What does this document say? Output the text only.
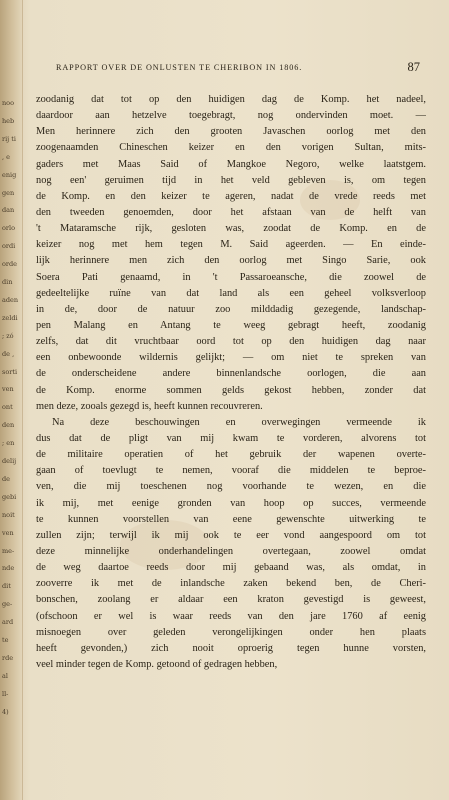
noo
heb
rij ti
, e
enig
gen
dan
orlo
ordi
orde
din
aden
zeldi
; zó
de ,
sorti
ven
ont
den
; en
delij
de
gebi
noit
ven
me-
nde
dit
ge-
ard
te
rde
al
ll-
4)
RAPPORT OVER DE ONLUSTEN TE CHERIBON IN 1806.	87
zoodanig dat tot op den huidigen dag de Komp. het nadeel,
daardoor aan hetzelve toegebragt, nog ondervinden moet. —
Men herinnere zich den grooten Javaschen oorlog met den
zoogenaamden Chineschen keizer en den vorigen Sultan, mits-
gaders met Maas Said of Mangkoe Negoro, welke laatstgem.
nog een' geruimen tijd in het veld gebleven is, om tegen
de Komp. en den keizer te ageren, nadat de vrede reeds met
den tweeden genoemden, door het afstaan van de helft van
't Mataramsche rijk, gesloten was, zoodat de Komp. en de
keizer nog met hem tegen M. Said ageerden. — En einde-
lijk herinnere men zich den oorlog met Singo Sarie, ook
Soera Pati genaamd, in 't Passaroeansche, die zoowel de
gedeeltelijke ruïne van dat land als een geheel volksverloop
in de, door de natuur zoo milddadig gezegende, landschap-
pen Malang en Antang te weeg gebragt heeft, zoodanig
zelfs, dat dit vruchtbaar oord tot op den huidigen dag naar
een onbewoonde wildernis gelijkt; — om niet te spreken van
de onderscheidene andere binnenlandsche oorlogen, die aan
de Komp. enorme sommen gelds gekost hebben, zonder dat
men deze, zooals gezegd is, heeft kunnen recouvreren.
Na deze beschouwingen en overwegingen vermeende ik
dus dat de pligt van mij kwam te vorderen, alvorens tot
de militaire operatien of het gebruik der wapenen overte-
gaan of toevlugt te nemen, vooraf die middelen te beproe-
ven, die mij toeschenen nog voorhande te wezen, en die
ik mij, met eenige gronden van hoop op succes, vermeende
te kunnen voorstellen van eene gewenschte uitwerking te
zullen zijn; terwijl ik mij ook te eer vond aangespoord om tot
deze minnelijke onderhandelingen overtegaan, zoowel omdat
de weg daartoe reeds door mij gebaand was, als omdat, in
zooverre ik met de inlandsche zaken bekend ben, de Cheri-
bonschen, zoolang er aldaar een kraton gevestigd is geweest,
(ofschoon er wel is waar reeds van den jare 1760 af eenig
misnoegen over geleden verongelijkingen onder hen plaats
heeft gevonden,) zich nooit oproerig tegen hunne vorsten,
veel minder tegen de Komp. getoond of gedragen hebben,
